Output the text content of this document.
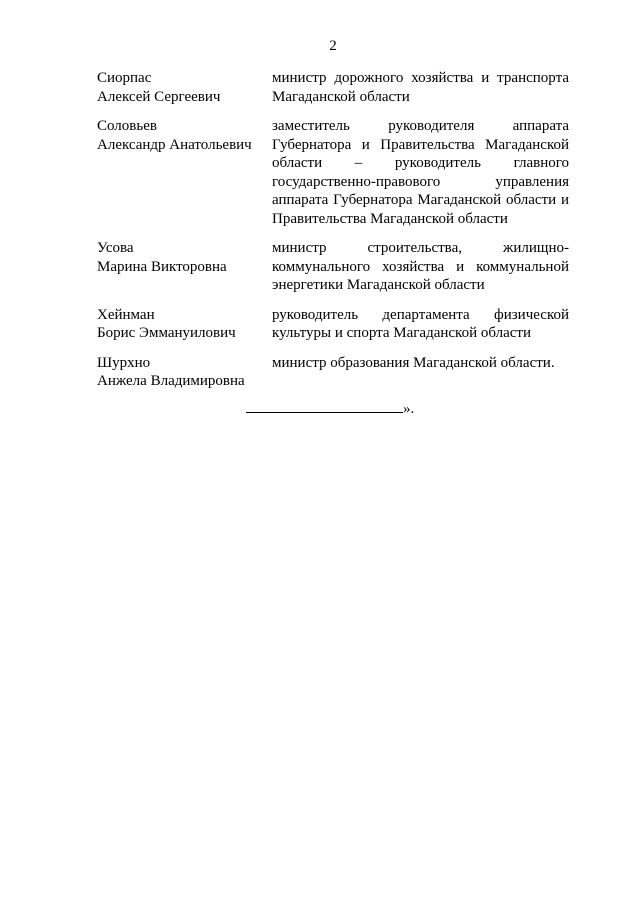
2
Сиорпас
Алексей Сергеевич
министр дорожного хозяйства и транспорта Магаданской области
Соловьев
Александр Анатольевич
заместитель руководителя аппарата Губернатора и Правительства Магаданской области – руководитель главного государственно-правового управления аппарата Губернатора Магаданской области и Правительства Магаданской области
Усова
Марина Викторовна
министр строительства, жилищно-коммунального хозяйства и коммунальной энергетики Магаданской области
Хейнман
Борис Эммануилович
руководитель департамента физической культуры и спорта Магаданской области
Шурхно
Анжела Владимировна
министр образования Магаданской области.
».
